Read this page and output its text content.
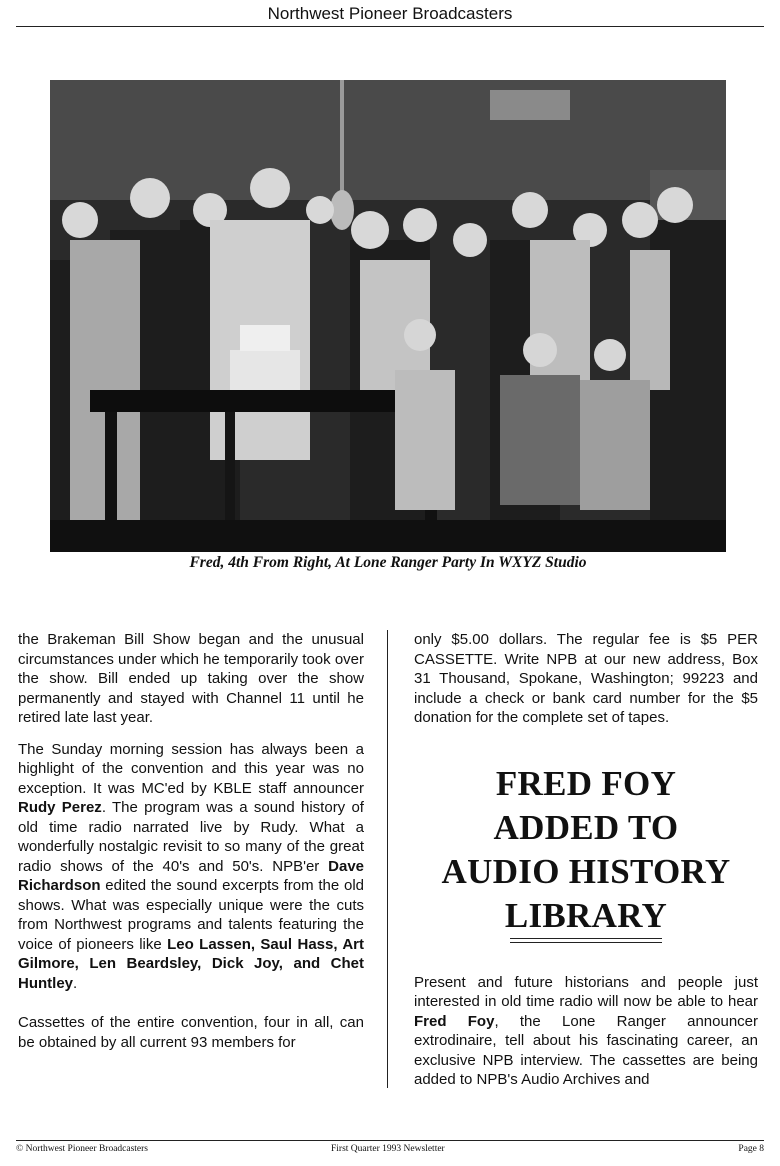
Northwest Pioneer Broadcasters
Fred, 4th From Right, At Lone Ranger Party In WXYZ Studio

the Brakeman Bill Show began and the unusual circumstances under which he temporarily took over the show. Bill ended up taking over the show permanently and stayed with Channel 11 until he retired late last year.

The Sunday morning session has always been a highlight of the convention and this year was no exception. It was MC'ed by KBLE staff announcer Rudy Perez. The program was a sound history of old time radio narrated live by Rudy. What a wonderfully nostalgic revisit to so many of the great radio shows of the 40's and 50's. NPB'er Dave Richardson edited the sound excerpts from the old shows. What was especially unique were the cuts from Northwest programs and talents featuring the voice of pioneers like Leo Lassen, Saul Hass, Art Gilmore, Len Beardsley, Dick Joy, and Chet Huntley.

Cassettes of the entire convention, four in all, can be obtained by all current 93 members for

only $5.00 dollars. The regular fee is $5 PER CASSETTE. Write NPB at our new address, Box 31 Thousand, Spokane, Washington; 99223 and include a check or bank card number for the $5 donation for the complete set of tapes.

FRED FOY
ADDED TO
AUDIO HISTORY
LIBRARY

Present and future historians and people just interested in old time radio will now be able to hear Fred Foy, the Lone Ranger announcer extrodinaire, tell about his fascinating career, an exclusive NPB interview. The cassettes are being added to NPB's Audio Archives and

© Northwest Pioneer Broadcasters	First Quarter 1993 Newsletter	Page 8
